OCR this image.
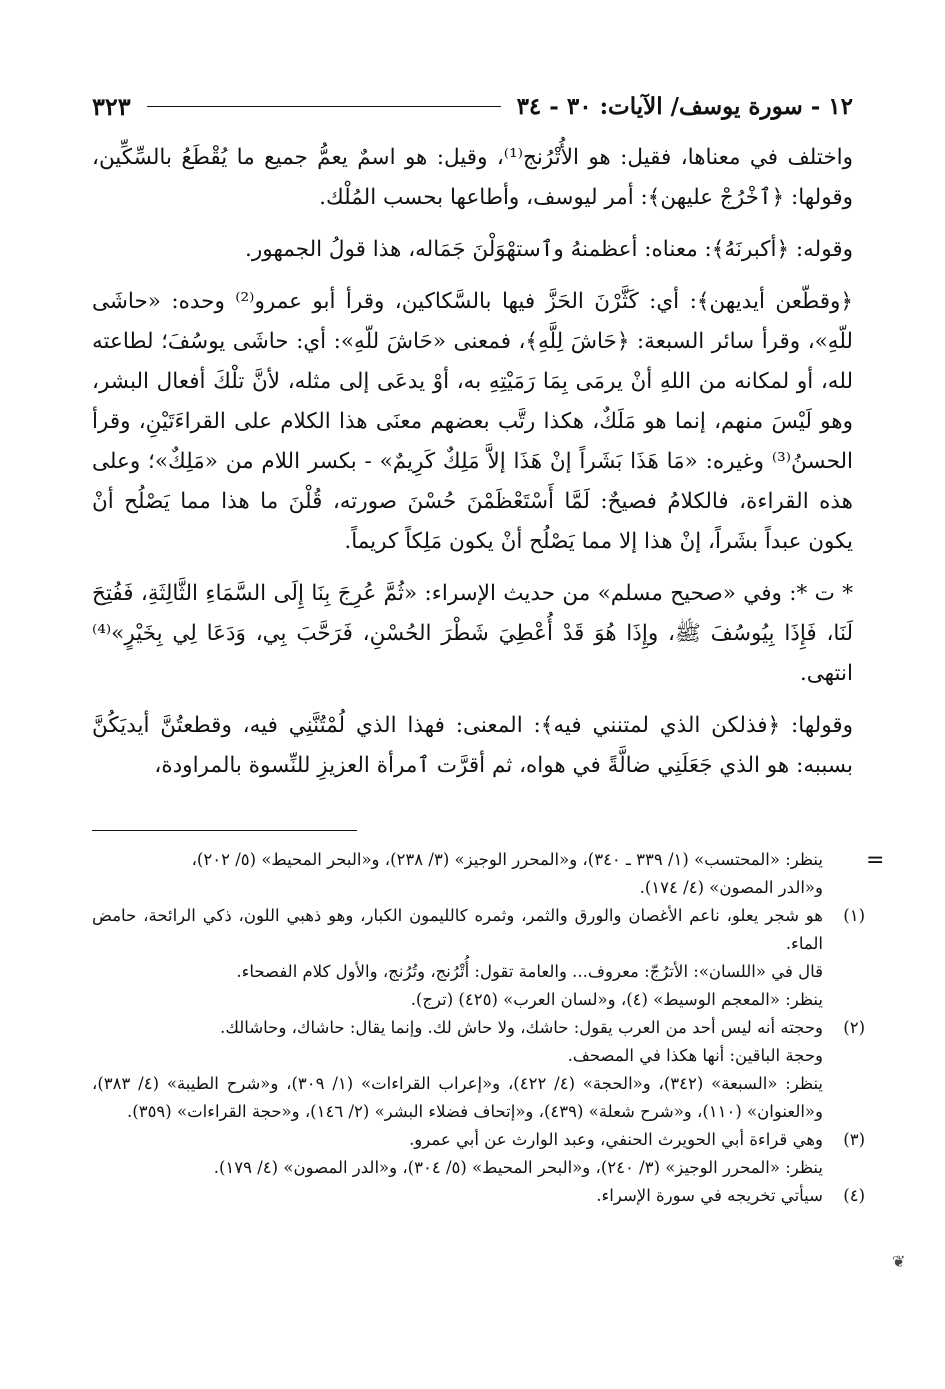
١٢ - سورة يوسف/ الآيات: ٣٠ - ٣٤
٣٢٣

واختلف في معناها، فقيل: هو الأُتْرُنج⁽¹⁾، وقيل: هو اسمٌ يعمُّ جميع ما يُقْطَعُ بالسِّكِّين، وقولها: ﴿ٱخْرُجْ عليهن﴾: أمر ليوسف، وأطاعها بحسب المُلْك.

وقوله: ﴿أكبرنَهُ﴾: معناه: أعظمنهُ وٱستهْوَلْنَ جَمَاله، هذا قولُ الجمهور.

﴿وقطّعن أيديهن﴾: أي: كَثَّرْنَ الحَزَّ فيها بالسَّكاكين، وقرأ أبو عمرو⁽²⁾ وحده: «حاشَى للّهِ»، وقرأ سائر السبعة: ﴿حَاشَ لِلَّهِ﴾، فمعنى «حَاشَ للّهِ»: أي: حاشَى يوسُفَ؛ لطاعته لله، أو لمكانه من اللهِ أنْ يرمَى بِمَا رَمَيْتِهِ به، أوْ يدعَى إلى مثله، لأنَّ تلْكَ أفعال البشر، وهو لَيْسَ منهم، إنما هو مَلَكٌ، هكذا رتَّب بعضهم معنَى هذا الكلام على القراءَتَيْنِ، وقرأ الحسنُ⁽³⁾ وغيره: «مَا هَذَا بَشَراً إنْ هَذَا إلاَّ مَلِكٌ كَرِيمٌ» - بكسر اللام من «مَلِكٌ»؛ وعلى هذه القراءة، فالكلامُ فصيحٌ: لَمَّا أَسْتَعْظَمْنَ حُسْنَ صورته، قُلْنَ ما هذا مما يَصْلُح أنْ يكون عبداً بشَراً، إنْ هذا إلا مما يَصْلُح أنْ يكون مَلِكاً كريماً.

* ت *: وفي «صحيح مسلم» من حديث الإسراء: «ثُمَّ عُرِجَ بِنَا إِلَى السَّمَاءِ الثَّالِثَةِ، فَفُتِحَ لَنَا، فَإِذَا بِيُوسُفَ ﷺ، وإِذَا هُوَ قَدْ أُعْطِيَ شَطْرَ الحُسْنِ، فَرَحَّبَ بِي، وَدَعَا لِي بِخَيْرٍ»⁽⁴⁾ انتهى.

وقولها: ﴿فذلكن الذي لمتنني فيه﴾: المعنى: فهذا الذي لُمْتُنَّنِي فيه، وقطعتُنَّ أيديَكُنَّ بسببه: هو الذي جَعَلَنِي ضالَّةً في هواه، ثم أقرَّت ٱمرأة العزيزِ للنِّسوة بالمراودة،

=

ينظر: «المحتسب» (١/ ٣٣٩ ـ ٣٤٠)، و«المحرر الوجيز» (٣/ ٢٣٨)، و«البحر المحيط» (٥/ ٢٠٢)،

و«الدر المصون» (٤/ ١٧٤).

(١)

هو شجر يعلو، ناعم الأغصان والورق والثمر، وثمره كالليمون الكبار، وهو ذهبي اللون، ذكي الرائحة، حامض الماء.

قال في «اللسان»: الأترُجّ: معروف... والعامة تقول: أُتْرُنج، وتُرُنج، والأول كلام الفصحاء.

ينظر: «المعجم الوسيط» (٤)، و«لسان العرب» (٤٢٥) (ترج).

(٢)

وحجته أنه ليس أحد من العرب يقول: حاشك، ولا حاش لك. وإنما يقال: حاشاك، وحاشالك.

وحجة الباقين: أنها هكذا في المصحف.

ينظر: «السبعة» (٣٤٢)، و«الحجة» (٤/ ٤٢٢)، و«إعراب القراءات» (١/ ٣٠٩)، و«شرح الطيبة» (٤/ ٣٨٣)، و«العنوان» (١١٠)، و«شرح شعلة» (٤٣٩)، و«إتحاف فضلاء البشر» (٢/ ١٤٦)، و«حجة القراءات» (٣٥٩).

(٣)

وهي قراءة أبي الحويرث الحنفي، وعبد الوارث عن أبي عمرو.

ينظر: «المحرر الوجيز» (٣/ ٢٤٠)، و«البحر المحيط» (٥/ ٣٠٤)، و«الدر المصون» (٤/ ١٧٩).

(٤)

سيأتي تخريجه في سورة الإسراء.

❦
